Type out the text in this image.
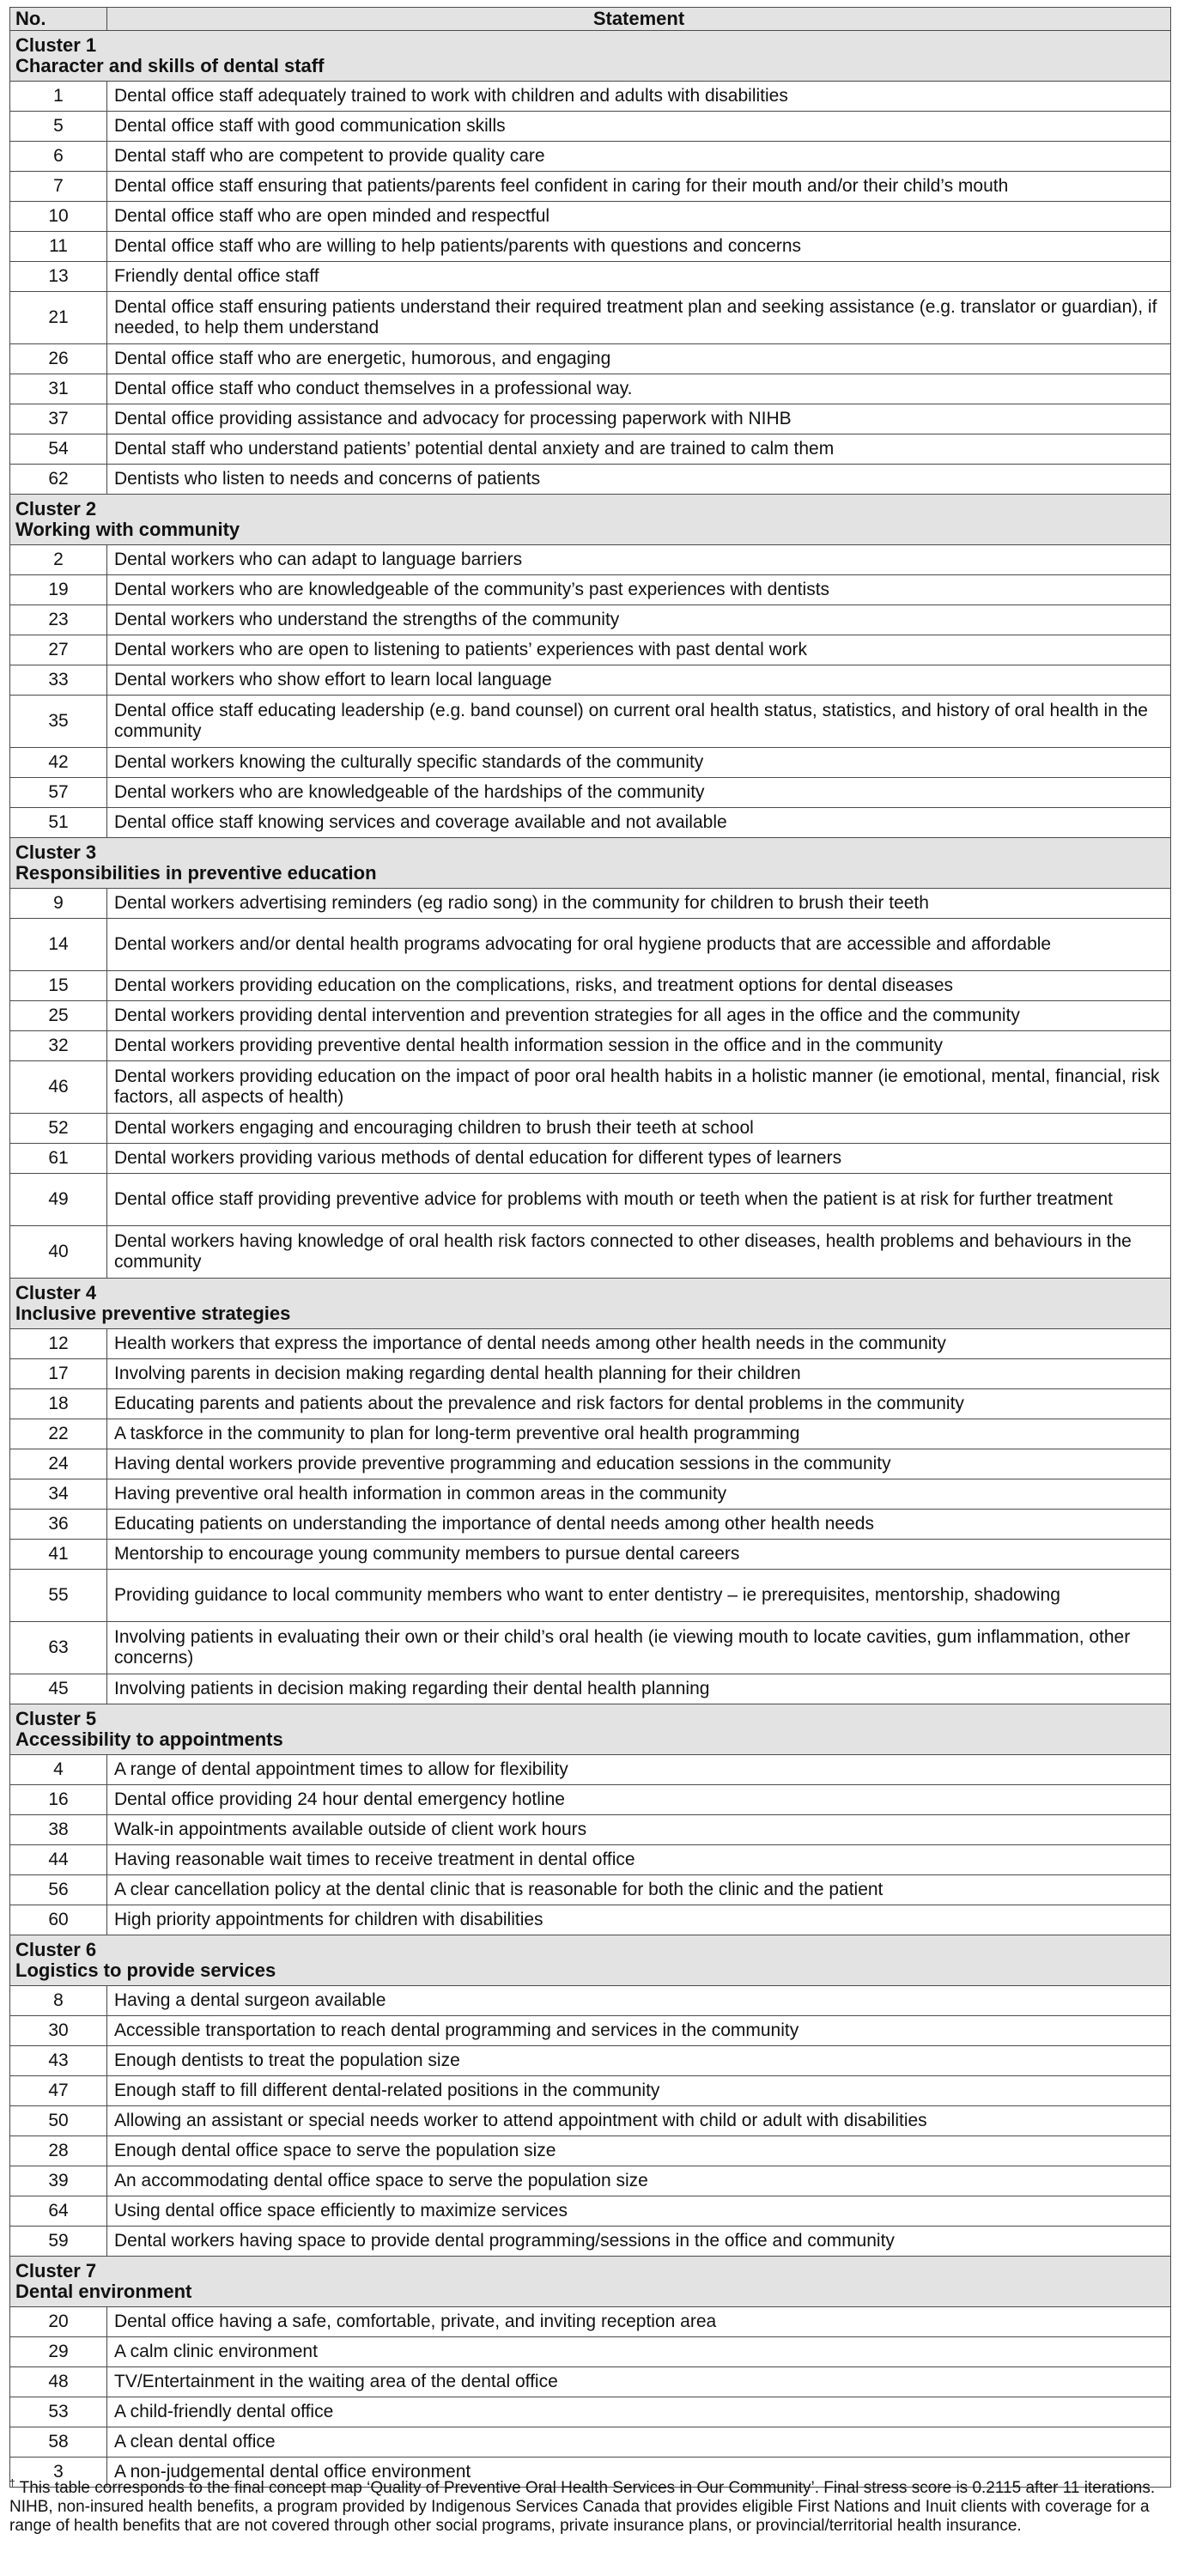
No.	Statement

Cluster 1
Character and skills of dental staff	

1	Dental office staff adequately trained to work with children and adults with disabilities
5	Dental office staff with good communication skills
6	Dental staff who are competent to provide quality care
7	Dental office staff ensuring that patients/parents feel confident in caring for their mouth and/or their child’s mouth
10	Dental office staff who are open minded and respectful
11	Dental office staff who are willing to help patients/parents with questions and concerns
13	Friendly dental office staff
21	Dental office staff ensuring patients understand their required treatment plan and seeking assistance (e.g. translator or guardian), if needed, to help them understand
26	Dental office staff who are energetic, humorous, and engaging
31	Dental office staff who conduct themselves in a professional way.
37	Dental office providing assistance and advocacy for processing paperwork with NIHB
54	Dental staff who understand patients’ potential dental anxiety and are trained to calm them
62	Dentists who listen to needs and concerns of patients

Cluster 2
Working with community	

2	Dental workers who can adapt to language barriers
19	Dental workers who are knowledgeable of the community’s past experiences with dentists
23	Dental workers who understand the strengths of the community
27	Dental workers who are open to listening to patients’ experiences with past dental work
33	Dental workers who show effort to learn local language
35	Dental office staff educating leadership (e.g. band counsel) on current oral health status, statistics, and history of oral health in the community
42	Dental workers knowing the culturally specific standards of the community
57	Dental workers who are knowledgeable of the hardships of the community
51	Dental office staff knowing services and coverage available and not available

Cluster 3
Responsibilities in preventive education	

9	Dental workers advertising reminders (eg radio song) in the community for children to brush their teeth
14	Dental workers and/or dental health programs advocating for oral hygiene products that are accessible and affordable
15	Dental workers providing education on the complications, risks, and treatment options for dental diseases
25	Dental workers providing dental intervention and prevention strategies for all ages in the office and the community
32	Dental workers providing preventive dental health information session in the office and in the community
46	Dental workers providing education on the impact of poor oral health habits in a holistic manner (ie emotional, mental, financial, risk factors, all aspects of health)
52	Dental workers engaging and encouraging children to brush their teeth at school
61	Dental workers providing various methods of dental education for different types of learners
49	Dental office staff providing preventive advice for problems with mouth or teeth when the patient is at risk for further treatment
40	Dental workers having knowledge of oral health risk factors connected to other diseases, health problems and behaviours in the community

Cluster 4
Inclusive preventive strategies	

12	Health workers that express the importance of dental needs among other health needs in the community
17	Involving parents in decision making regarding dental health planning for their children
18	Educating parents and patients about the prevalence and risk factors for dental problems in the community
22	A taskforce in the community to plan for long-term preventive oral health programming
24	Having dental workers provide preventive programming and education sessions in the community
34	Having preventive oral health information in common areas in the community
36	Educating patients on understanding the importance of dental needs among other health needs
41	Mentorship to encourage young community members to pursue dental careers
55	Providing guidance to local community members who want to enter dentistry – ie prerequisites, mentorship, shadowing
63	Involving patients in evaluating their own or their child’s oral health (ie viewing mouth to locate cavities, gum inflammation, other concerns)
45	Involving patients in decision making regarding their dental health planning

Cluster 5
Accessibility to appointments	

4	A range of dental appointment times to allow for flexibility
16	Dental office providing 24 hour dental emergency hotline
38	Walk-in appointments available outside of client work hours
44	Having reasonable wait times to receive treatment in dental office
56	A clear cancellation policy at the dental clinic that is reasonable for both the clinic and the patient
60	High priority appointments for children with disabilities

Cluster 6
Logistics to provide services	

8	Having a dental surgeon available
30	Accessible transportation to reach dental programming and services in the community
43	Enough dentists to treat the population size
47	Enough staff to fill different dental-related positions in the community
50	Allowing an assistant or special needs worker to attend appointment with child or adult with disabilities
28	Enough dental office space to serve the population size
39	An accommodating dental office space to serve the population size
64	Using dental office space efficiently to maximize services
59	Dental workers having space to provide dental programming/sessions in the office and community

Cluster 7
Dental environment	

20	Dental office having a safe, comfortable, private, and inviting reception area
29	A calm clinic environment
48	TV/Entertainment in the waiting area of the dental office
53	A child-friendly dental office
58	A clean dental office
3	A non-judgemental dental office environment

† This table corresponds to the final concept map ‘Quality of Preventive Oral Health Services in Our Community’. Final stress score is 0.2115 after 11 iterations.

NIHB, non-insured health benefits, a program provided by Indigenous Services Canada that provides eligible First Nations and Inuit clients with coverage for a range of health benefits that are not covered through other social programs, private insurance plans, or provincial/territorial health insurance.
